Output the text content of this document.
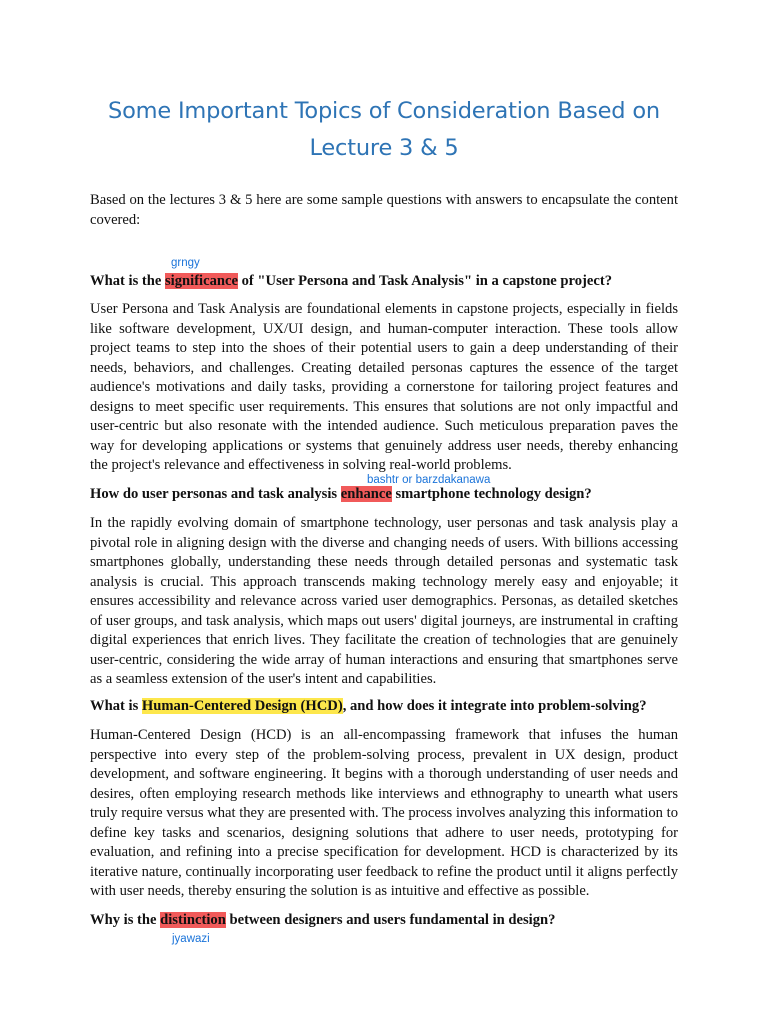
Some Important Topics of Consideration Based on
Lecture 3 & 5

Based on the lectures 3 & 5 here are some sample questions with answers to encapsulate the content covered:

grngy

What is the significance of "User Persona and Task Analysis" in a capstone project?

User Persona and Task Analysis are foundational elements in capstone projects, especially in fields like software development, UX/UI design, and human-computer interaction. These tools allow project teams to step into the shoes of their potential users to gain a deep understanding of their needs, behaviors, and challenges. Creating detailed personas captures the essence of the target audience's motivations and daily tasks, providing a cornerstone for tailoring project features and designs to meet specific user requirements. This ensures that solutions are not only impactful and user-centric but also resonate with the intended audience. Such meticulous preparation paves the way for developing applications or systems that genuinely address user needs, thereby enhancing the project's relevance and effectiveness in solving real-world problems.

bashtr or barzdakanawa

How do user personas and task analysis enhance smartphone technology design?

In the rapidly evolving domain of smartphone technology, user personas and task analysis play a pivotal role in aligning design with the diverse and changing needs of users. With billions accessing smartphones globally, understanding these needs through detailed personas and systematic task analysis is crucial. This approach transcends making technology merely easy and enjoyable; it ensures accessibility and relevance across varied user demographics. Personas, as detailed sketches of user groups, and task analysis, which maps out users' digital journeys, are instrumental in crafting digital experiences that enrich lives. They facilitate the creation of technologies that are genuinely user-centric, considering the wide array of human interactions and ensuring that smartphones serve as a seamless extension of the user's intent and capabilities.

What is Human-Centered Design (HCD), and how does it integrate into problem-solving?

Human-Centered Design (HCD) is an all-encompassing framework that infuses the human perspective into every step of the problem-solving process, prevalent in UX design, product development, and software engineering. It begins with a thorough understanding of user needs and desires, often employing research methods like interviews and ethnography to unearth what users truly require versus what they are presented with. The process involves analyzing this information to define key tasks and scenarios, designing solutions that adhere to user needs, prototyping for evaluation, and refining into a precise specification for development. HCD is characterized by its iterative nature, continually incorporating user feedback to refine the product until it aligns perfectly with user needs, thereby ensuring the solution is as intuitive and effective as possible.

Why is the distinction between designers and users fundamental in design?

jyawazi
